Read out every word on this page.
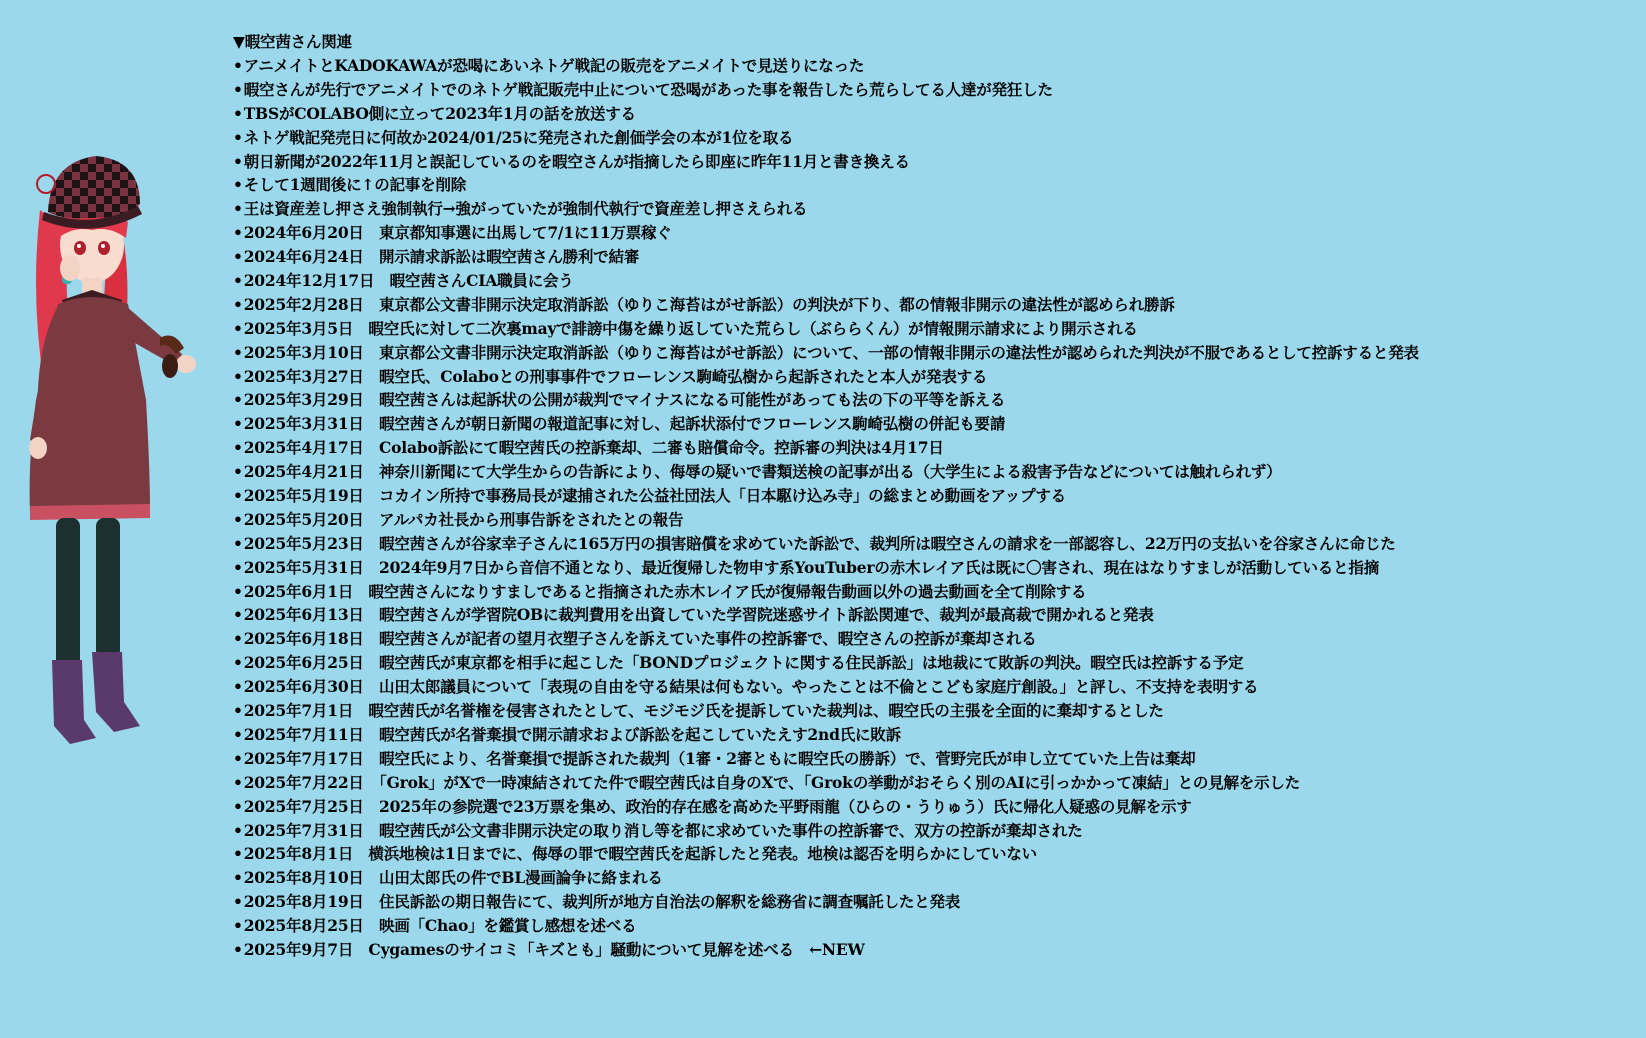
▼暇空茜さん関連
• アニメイトとKADOKAWAが恐喝にあいネトゲ戦記の販売をアニメイトで見送りになった
• 暇空さんが先行でアニメイトでのネトゲ戦記販売中止について恐喝があった事を報告したら荒らしてる人達が発狂した
• TBSがCOLABO側に立って2023年1月の話を放送する
• ネトゲ戦記発売日に何故か2024/01/25に発売された創価学会の本が1位を取る
• 朝日新聞が2022年11月と誤記しているのを暇空さんが指摘したら即座に昨年11月と書き換える
• そして1週間後に↑の記事を削除
• 王は資産差し押さえ強制執行→強がっていたが強制代執行で資産差し押さえられる
• 2024年6月20日　東京都知事選に出馬して7/1に11万票稼ぐ
• 2024年6月24日　開示請求訴訟は暇空茜さん勝利で結審
• 2024年12月17日　暇空茜さんCIA職員に会う
• 2025年2月28日　東京都公文書非開示決定取消訴訟（ゆりこ海苔はがせ訴訟）の判決が下り、都の情報非開示の違法性が認められ勝訴
• 2025年3月5日　暇空氏に対して二次裏mayで誹謗中傷を繰り返していた荒らし（ぶららくん）が情報開示請求により開示される
• 2025年3月10日　東京都公文書非開示決定取消訴訟（ゆりこ海苔はがせ訴訟）について、一部の情報非開示の違法性が認められた判決が不服であるとして控訴すると発表
• 2025年3月27日　暇空氏、Colaboとの刑事事件でフローレンス駒崎弘樹から起訴されたと本人が発表する
• 2025年3月29日　暇空茜さんは起訴状の公開が裁判でマイナスになる可能性があっても法の下の平等を訴える
• 2025年3月31日　暇空茜さんが朝日新聞の報道記事に対し、起訴状添付でフローレンス駒崎弘樹の併記も要請
• 2025年4月17日　Colabo訴訟にて暇空茜氏の控訴棄却、二審も賠償命令。控訴審の判決は4月17日
• 2025年4月21日　神奈川新聞にて大学生からの告訴により、侮辱の疑いで書類送検の記事が出る（大学生による殺害予告などについては触れられず）
• 2025年5月19日　コカイン所持で事務局長が逮捕された公益社団法人「日本駆け込み寺」の総まとめ動画をアップする
• 2025年5月20日　アルパカ社長から刑事告訴をされたとの報告
• 2025年5月23日　暇空茜さんが谷家幸子さんに165万円の損害賠償を求めていた訴訟で、裁判所は暇空さんの請求を一部認容し、22万円の支払いを谷家さんに命じた
• 2025年5月31日　2024年9月7日から音信不通となり、最近復帰した物申す系YouTuberの赤木レイア氏は既に〇害され、現在はなりすましが活動していると指摘
• 2025年6月1日　暇空茜さんになりすましであると指摘された赤木レイア氏が復帰報告動画以外の過去動画を全て削除する
• 2025年6月13日　暇空茜さんが学習院OBに裁判費用を出資していた学習院迷惑サイト訴訟関連で、裁判が最高裁で開かれると発表
• 2025年6月18日　暇空茜さんが記者の望月衣塑子さんを訴えていた事件の控訴審で、暇空さんの控訴が棄却される
• 2025年6月25日　暇空茜氏が東京都を相手に起こした「BONDプロジェクトに関する住民訴訟」は地裁にて敗訴の判決。暇空氏は控訴する予定
• 2025年6月30日　山田太郎議員について「表現の自由を守る結果は何もない。やったことは不倫とこども家庭庁創設。」と評し、不支持を表明する
• 2025年7月1日　暇空茜氏が名誉権を侵害されたとして、モジモジ氏を提訴していた裁判は、暇空氏の主張を全面的に棄却するとした
• 2025年7月11日　暇空茜氏が名誉棄損で開示請求および訴訟を起こしていたえす2nd氏に敗訴
• 2025年7月17日　暇空氏により、名誉棄損で提訴された裁判（1審・2審ともに暇空氏の勝訴）で、菅野完氏が申し立てていた上告は棄却
• 2025年7月22日　「Grok」がXで一時凍結されてた件で暇空茜氏は自身のXで、「Grokの挙動がおそらく別のAIに引っかかって凍結」との見解を示した
• 2025年7月25日　2025年の参院選で23万票を集め、政治的存在感を高めた平野雨龍（ひらの・うりゅう）氏に帰化人疑惑の見解を示す
• 2025年7月31日　暇空茜氏が公文書非開示決定の取り消し等を都に求めていた事件の控訴審で、双方の控訴が棄却された
• 2025年8月1日　横浜地検は1日までに、侮辱の罪で暇空茜氏を起訴したと発表。地検は認否を明らかにしていない
• 2025年8月10日　山田太郎氏の件でBL漫画論争に絡まれる
• 2025年8月19日　住民訴訟の期日報告にて、裁判所が地方自治法の解釈を総務省に調査嘱託したと発表
• 2025年8月25日　映画「Chao」を鑑賞し感想を述べる
• 2025年9月7日　Cygamesのサイコミ「キズとも」騒動について見解を述べる　←NEW
